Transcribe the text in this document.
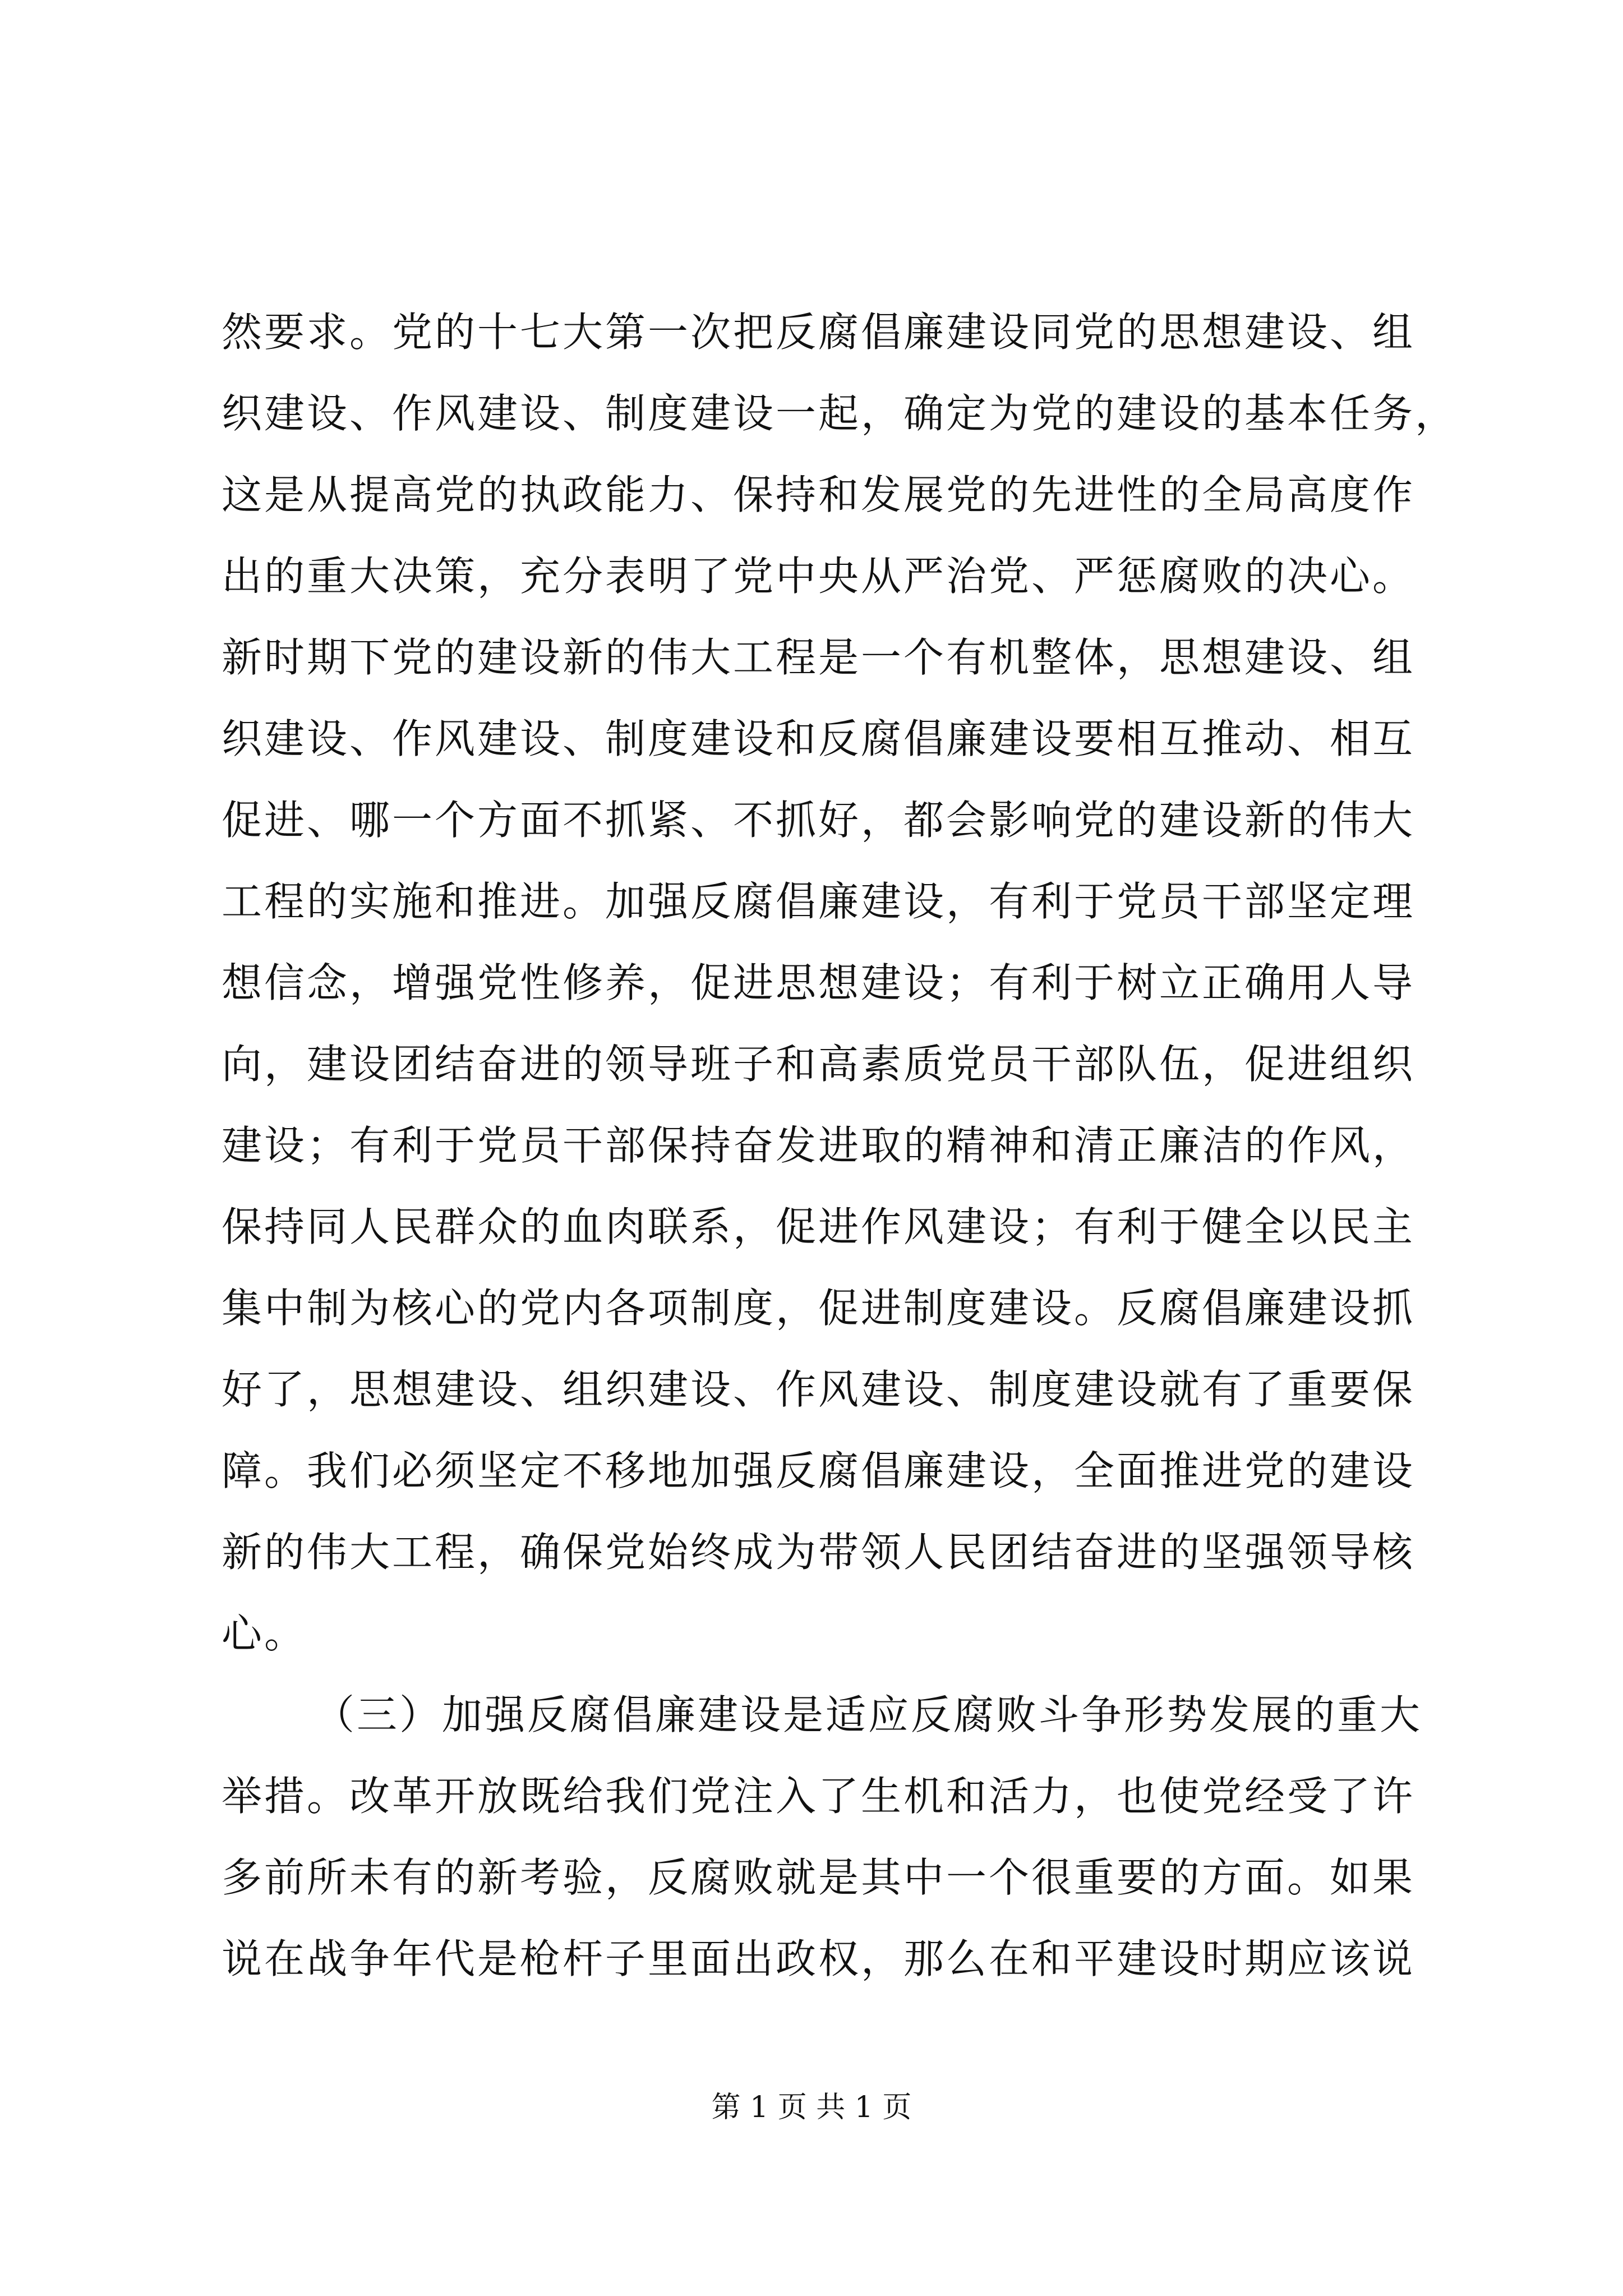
然要求。党的十七大第一次把反腐倡廉建设同党的思想建设、组
织建设、作风建设、制度建设一起，确定为党的建设的基本任务，
这是从提高党的执政能力、保持和发展党的先进性的全局高度作
出的重大决策，充分表明了党中央从严治党、严惩腐败的决心。
新时期下党的建设新的伟大工程是一个有机整体，思想建设、组
织建设、作风建设、制度建设和反腐倡廉建设要相互推动、相互
促进、哪一个方面不抓紧、不抓好，都会影响党的建设新的伟大
工程的实施和推进。加强反腐倡廉建设，有利于党员干部坚定理
想信念，增强党性修养，促进思想建设；有利于树立正确用人导
向，建设团结奋进的领导班子和高素质党员干部队伍，促进组织
建设；有利于党员干部保持奋发进取的精神和清正廉洁的作风，
保持同人民群众的血肉联系，促进作风建设；有利于健全以民主
集中制为核心的党内各项制度，促进制度建设。反腐倡廉建设抓
好了，思想建设、组织建设、作风建设、制度建设就有了重要保
障。我们必须坚定不移地加强反腐倡廉建设，全面推进党的建设
新的伟大工程，确保党始终成为带领人民团结奋进的坚强领导核
心。
（三）加强反腐倡廉建设是适应反腐败斗争形势发展的重大
举措。改革开放既给我们党注入了生机和活力，也使党经受了许
多前所未有的新考验，反腐败就是其中一个很重要的方面。如果
说在战争年代是枪杆子里面出政权，那么在和平建设时期应该说
第 1 页 共 1 页
